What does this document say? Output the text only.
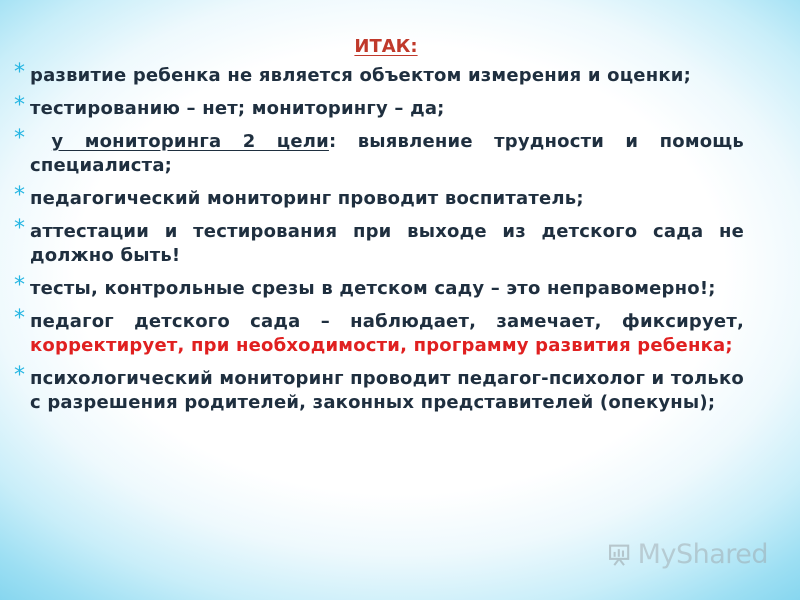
ИТАК:
* развитие ребенка не является объектом измерения и оценки;
* тестированию – нет; мониторингу – да;
* у мониторинга 2 цели: выявление трудности и помощь специалиста;
* педагогический мониторинг проводит воспитатель;
* аттестации и тестирования при выходе из детского сада не должно быть!
* тесты, контрольные срезы в детском саду – это неправомерно!;
* педагог детского сада – наблюдает, замечает, фиксирует, корректирует, при необходимости, программу развития ребенка;
* психологический мониторинг проводит педагог-психолог и только с разрешения родителей, законных представителей (опекуны);
MyShared
